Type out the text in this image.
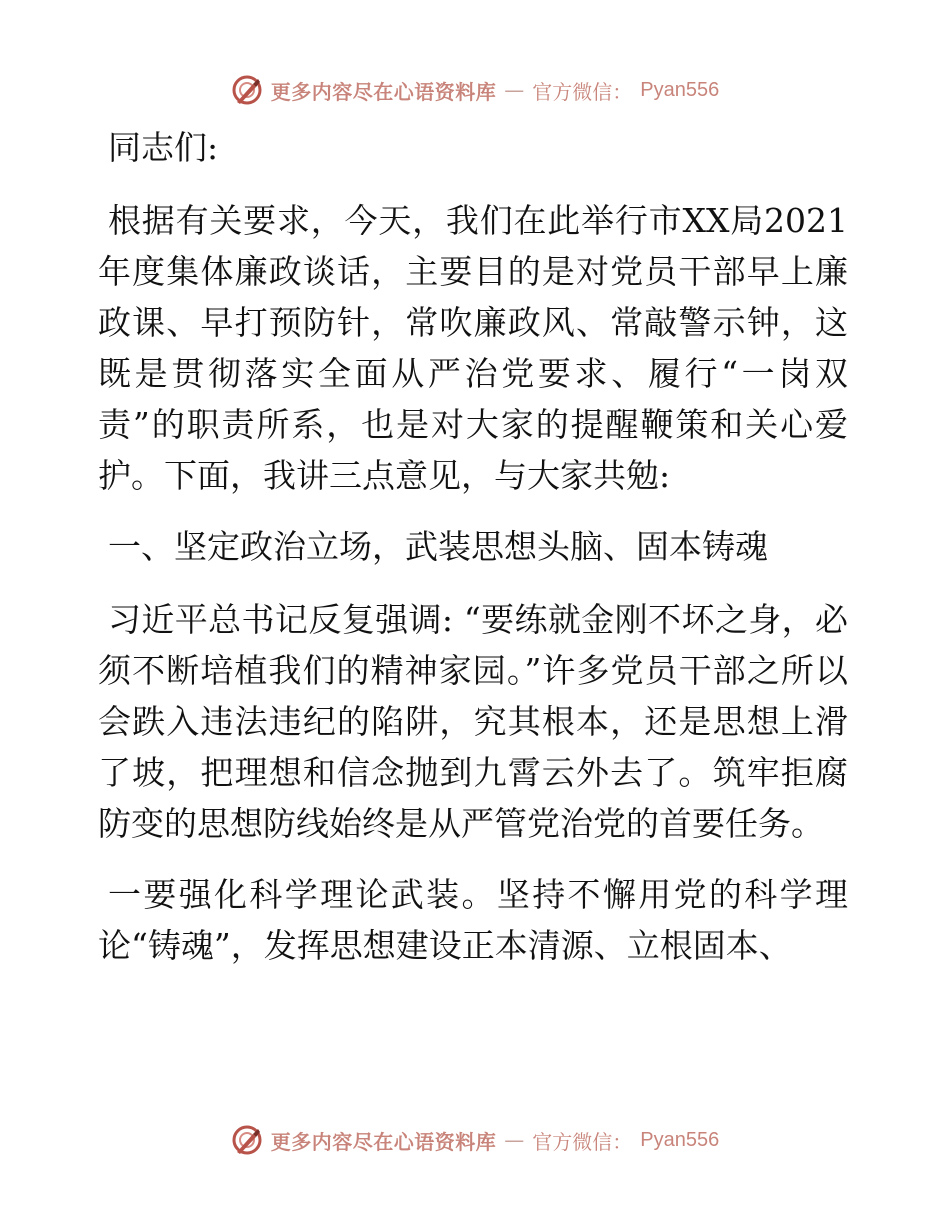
更多内容尽在心语资料库 — 官方微信： Pyan556

同志们:

根据有关要求，今天，我们在此举行市XX局2021年度集体廉政谈话，主要目的是对党员干部早上廉政课、早打预防针，常吹廉政风、常敲警示钟，这既是贯彻落实全面从严治党要求、履行“一岗双责”的职责所系，也是对大家的提醒鞭策和关心爱护。下面，我讲三点意见，与大家共勉:

一、坚定政治立场，武装思想头脑、固本铸魂

习近平总书记反复强调: “要练就金刚不坏之身，必须不断培植我们的精神家园。”许多党员干部之所以会跌入违法违纪的陷阱，究其根本，还是思想上滑了坡，把理想和信念抛到九霄云外去了。筑牢拒腐防变的思想防线始终是从严管党治党的首要任务。

一要强化科学理论武装。坚持不懈用党的科学理论“铸魂”，发挥思想建设正本清源、立根固本、

更多内容尽在心语资料库 — 官方微信： Pyan556
